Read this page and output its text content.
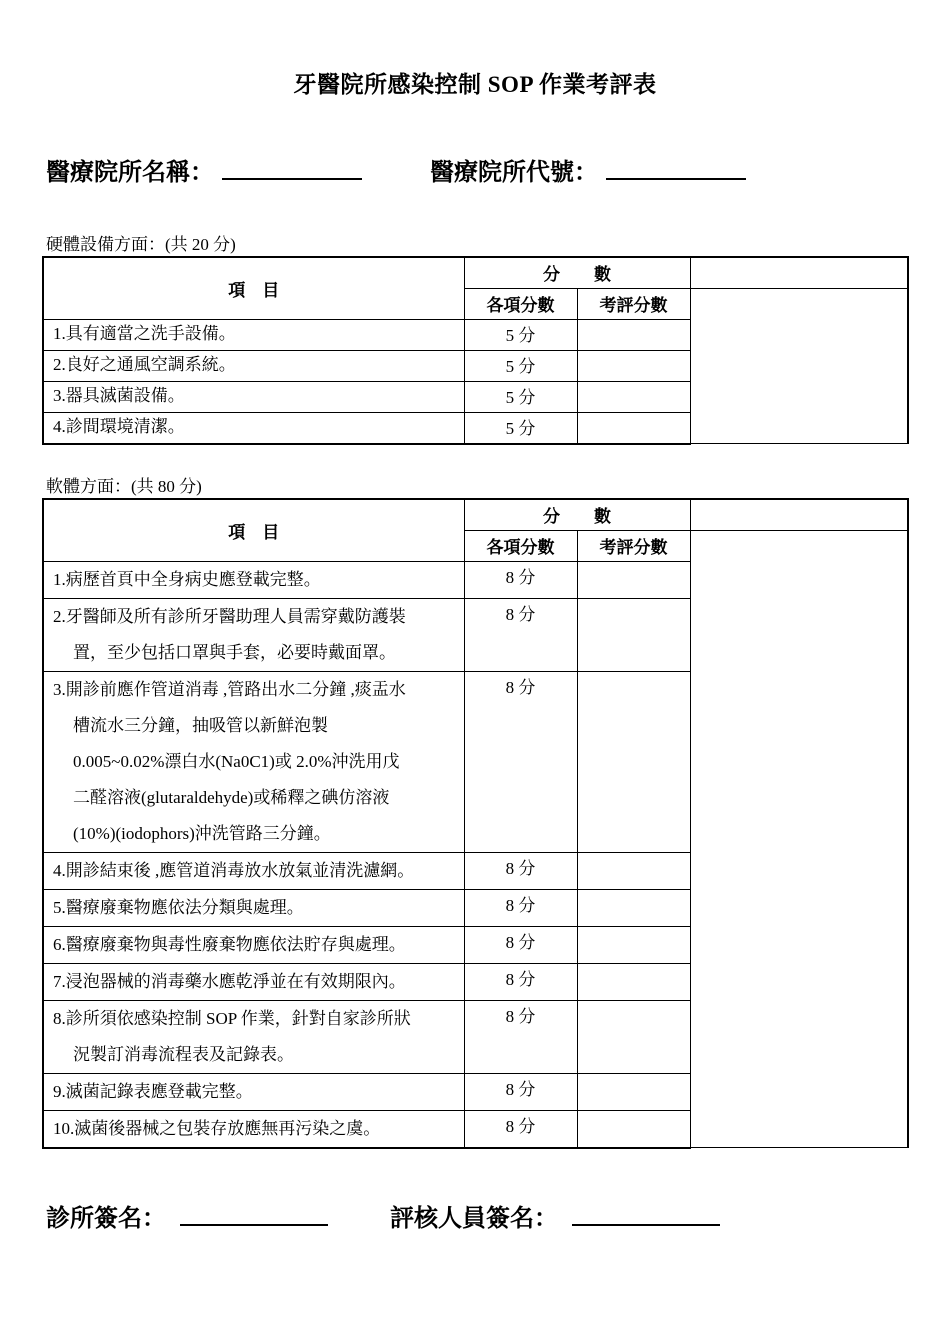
牙醫院所感染控制 SOP 作業考評表
醫療院所名稱：	醫療院所代號：
硬體設備方面：(共 20 分)
項　目	分　　數		
	各項分數	考評分數	
1.具有適當之洗手設備。	5 分		
2.良好之通風空調系統。	5 分		
3.器具滅菌設備。	5 分		
4.診間環境清潔。	5 分		
軟體方面：(共 80 分)
項　目	分　　數		
	各項分數	考評分數	
1.病歷首頁中全身病史應登載完整。	8 分		
2.牙醫師及所有診所牙醫助理人員需穿戴防護裝
置，至少包括口罩與手套，必要時戴面罩。	8 分		
3.開診前應作管道消毒 ,管路出水二分鐘 ,痰盂水
槽流水三分鐘，抽吸管以新鮮泡製
0.005~0.02%漂白水(Na0C1)或 2.0%沖洗用戊
二醛溶液(glutaraldehyde)或稀釋之碘仿溶液
(10%)(iodophors)沖洗管路三分鐘。	8 分		
4.開診結束後 ,應管道消毒放水放氣並清洗濾網。	8 分		
5.醫療廢棄物應依法分類與處理。	8 分		
6.醫療廢棄物與毒性廢棄物應依法貯存與處理。	8 分		
7.浸泡器械的消毒藥水應乾淨並在有效期限內。	8 分		
8.診所須依感染控制 SOP 作業，針對自家診所狀
況製訂消毒流程表及記錄表。	8 分		
9.滅菌記錄表應登載完整。	8 分		
10.滅菌後器械之包裝存放應無再污染之虞。	8 分		
診所簽名：	評核人員簽名：
